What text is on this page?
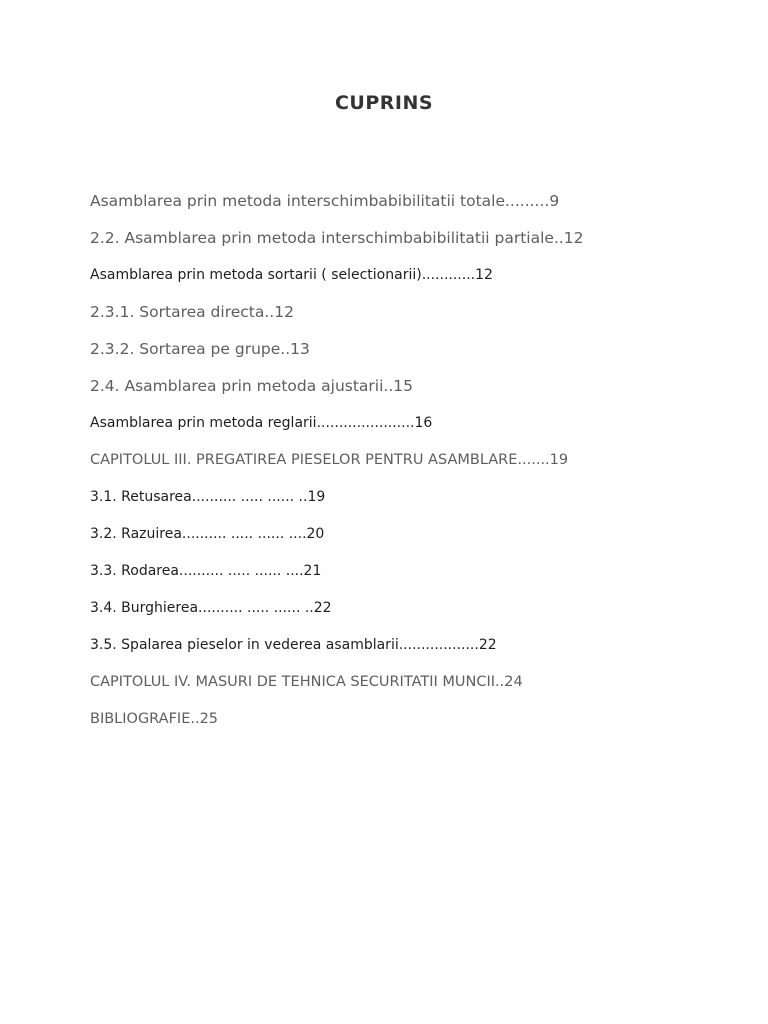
CUPRINS
Asamblarea prin metoda interschimbabibilitatii totale.........9
2.2. Asamblarea prin metoda interschimbabibilitatii partiale..12
Asamblarea prin metoda sortarii ( selectionarii)............12
2.3.1. Sortarea directa..12
2.3.2. Sortarea pe grupe..13
2.4. Asamblarea prin metoda ajustarii..15
Asamblarea prin metoda reglarii......................16
CAPITOLUL III. PREGATIREA PIESELOR PENTRU ASAMBLARE.......19
3.1. Retusarea.......... ..... ...... ..19
3.2. Razuirea.......... ..... ...... ....20
3.3. Rodarea.......... ..... ...... ....21
3.4. Burghierea.......... ..... ...... ..22
3.5. Spalarea pieselor in vederea asamblarii..................22
CAPITOLUL IV. MASURI DE TEHNICA SECURITATII MUNCII..24
BIBLIOGRAFIE..25
